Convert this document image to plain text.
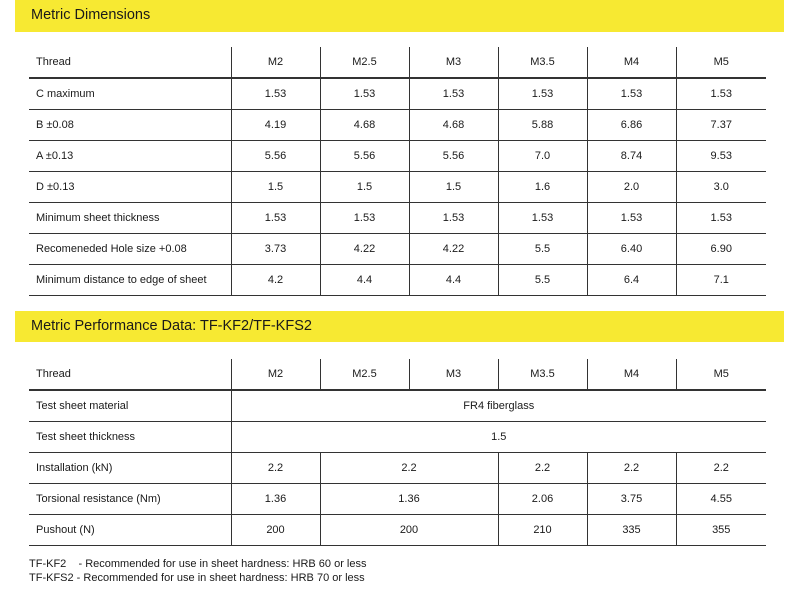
Metric Dimensions
Thread	M2	M2.5	M3	M3.5	M4	M5
C maximum	1.53	1.53	1.53	1.53	1.53	1.53
B ±0.08	4.19	4.68	4.68	5.88	6.86	7.37
A ±0.13	5.56	5.56	5.56	7.0	8.74	9.53
D ±0.13	1.5	1.5	1.5	1.6	2.0	3.0
Minimum sheet thickness	1.53	1.53	1.53	1.53	1.53	1.53
Recomeneded Hole size +0.08	3.73	4.22	4.22	5.5	6.40	6.90
Minimum distance to edge of sheet	4.2	4.4	4.4	5.5	6.4	7.1
Metric Performance Data: TF-KF2/TF-KFS2
Thread	M2	M2.5	M3	M3.5	M4	M5
Test sheet material	FR4 fiberglass					
Test sheet thickness	1.5					
Installation (kN)	2.2	2.2		2.2	2.2	2.2
Torsional resistance (Nm)	1.36	1.36		2.06	3.75	4.55
Pushout (N)	200	200		210	335	355
TF-KF2    - Recommended for use in sheet hardness: HRB 60 or less
TF-KFS2 - Recommended for use in sheet hardness: HRB 70 or less
